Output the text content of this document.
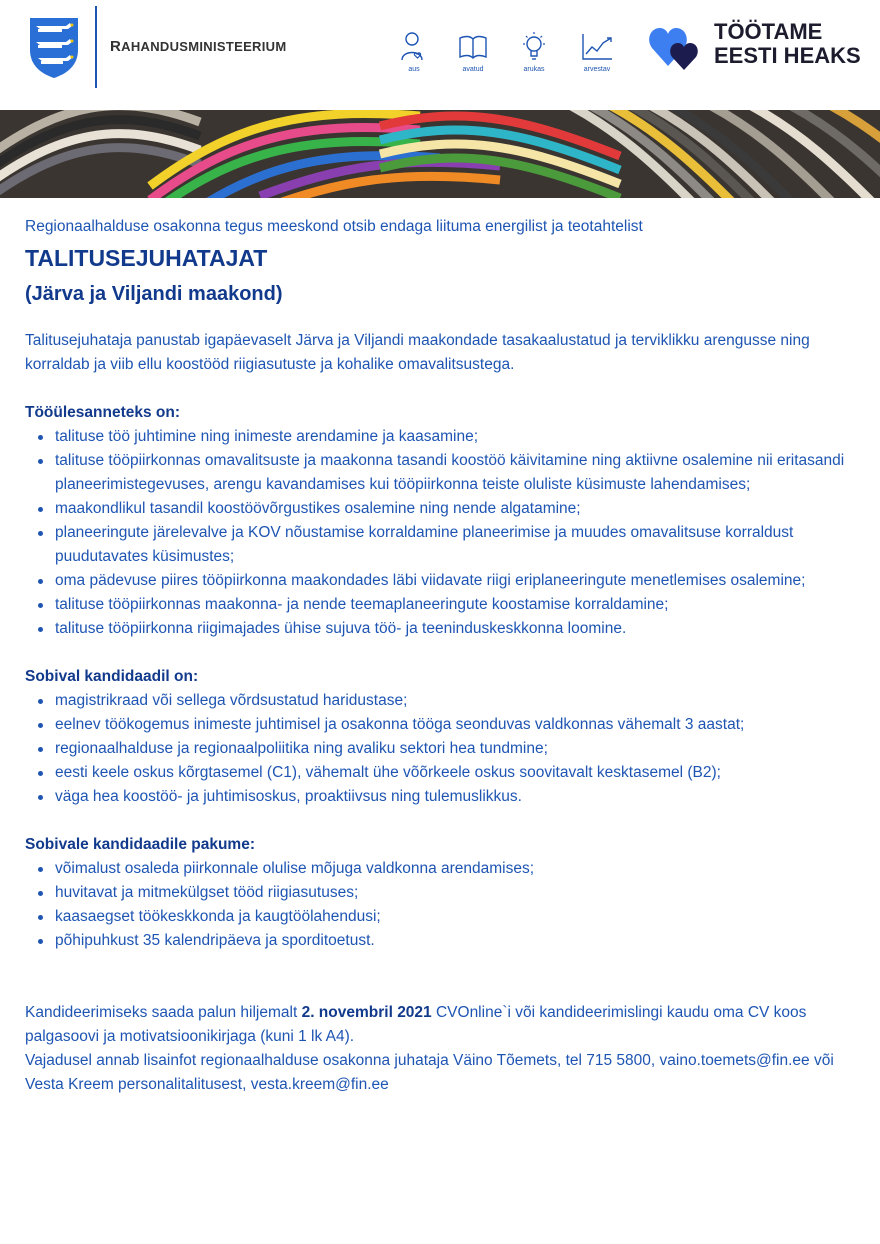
RAHANDUSMINISTEERIUM
aus	avatud	arukas	arvestav
TÖÖTAME
EESTI HEAKS

Regionaalhalduse osakonna tegus meeskond otsib endaga liituma energilist ja teotahtelist

TALITUSEJUHATAJAT
(Järva ja Viljandi maakond)

Talitusejuhataja panustab igapäevaselt Järva ja Viljandi maakondade tasakaalustatud ja terviklikku arengusse ning korraldab ja viib ellu koostööd riigiasutuste ja kohalike omavalitsustega.

Tööülesanneteks on:
talituse töö juhtimine ning inimeste arendamine ja kaasamine;
talituse tööpiirkonnas omavalitsuste ja maakonna tasandi koostöö käivitamine ning aktiivne osalemine nii eritasandi planeerimistegevuses, arengu kavandamises kui tööpiirkonna teiste oluliste küsimuste lahendamises;
maakondlikul tasandil koostöövõrgustikes osalemine ning nende algatamine;
planeeringute järelevalve ja KOV nõustamise korraldamine planeerimise ja muudes omavalitsuse korraldust puudutavates küsimustes;
oma pädevuse piires tööpiirkonna maakondades läbi viidavate riigi eriplaneeringute menetlemises osalemine;
talituse tööpiirkonnas maakonna- ja nende teemaplaneeringute koostamise korraldamine;
talituse tööpiirkonna riigimajades ühise sujuva töö- ja teeninduskeskkonna loomine.
Sobival kandidaadil on:
magistrikraad või sellega võrdsustatud haridustase;
eelnev töökogemus inimeste juhtimisel ja osakonna tööga seonduvas valdkonnas vähemalt 3 aastat;
regionaalhalduse ja regionaalpoliitika ning avaliku sektori hea tundmine;
eesti keele oskus kõrgtasemel (C1), vähemalt ühe võõrkeele oskus soovitavalt kesktasemel (B2);
väga hea koostöö- ja juhtimisoskus, proaktiivsus ning tulemuslikkus.
Sobivale kandidaadile pakume:
võimalust osaleda piirkonnale olulise mõjuga valdkonna arendamises;
huvitavat ja mitmekülgset tööd riigiasutuses;
kaasaegset töökeskkonda ja kaugtöölahendusi;
põhipuhkust 35 kalendripäeva ja sporditoetust.

Kandideerimiseks saada palun hiljemalt 2. novembril 2021 CVOnline`i või kandideerimislingi kaudu oma CV koos palgasoovi ja motivatsioonikirjaga (kuni 1 lk A4).

Vajadusel annab lisainfot regionaalhalduse osakonna juhataja Väino Tõemets, tel 715 5800, vaino.toemets@fin.ee või Vesta Kreem personalitalitusest, vesta.kreem@fin.ee
